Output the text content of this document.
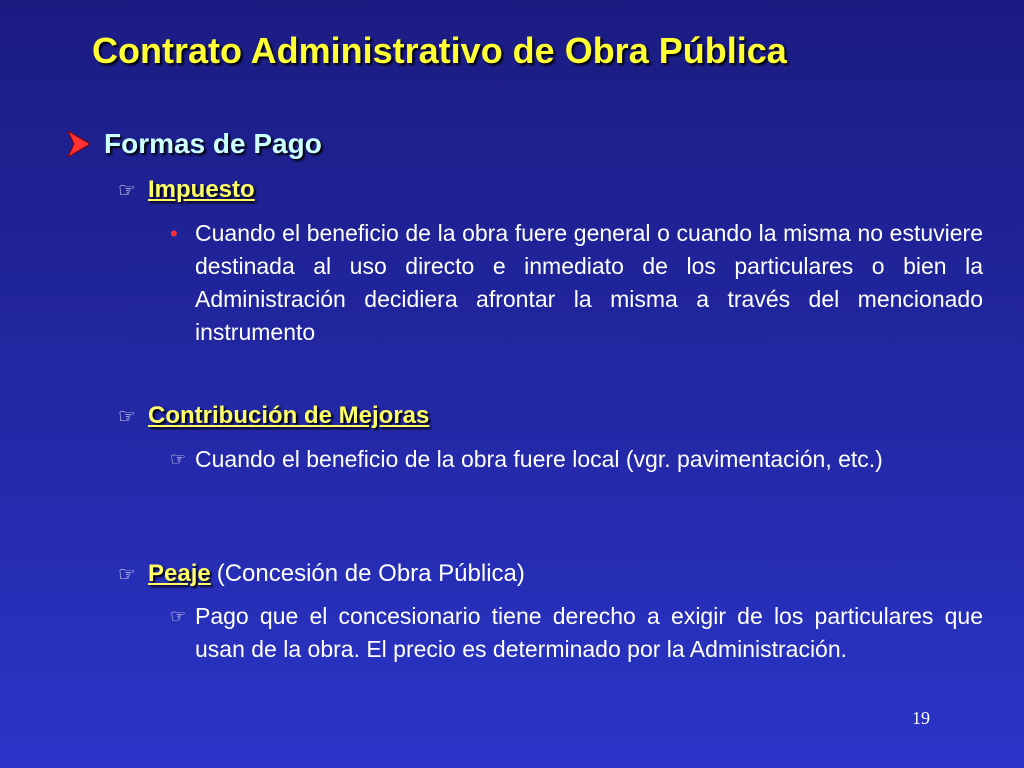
Contrato Administrativo de Obra Pública
Formas de Pago
☞ Impuesto
• Cuando el beneficio de la obra fuere general o cuando la misma no estuviere destinada al uso directo e inmediato de los particulares o bien la Administración decidiera afrontar la misma a través del mencionado instrumento

☞ Contribución de Mejoras
☞ Cuando el beneficio de la obra fuere local (vgr. pavimentación, etc.)

☞ Peaje (Concesión de Obra Pública)
☞ Pago que el concesionario tiene derecho a exigir de los particulares que usan de la obra. El precio es determinado por la Administración.

19
